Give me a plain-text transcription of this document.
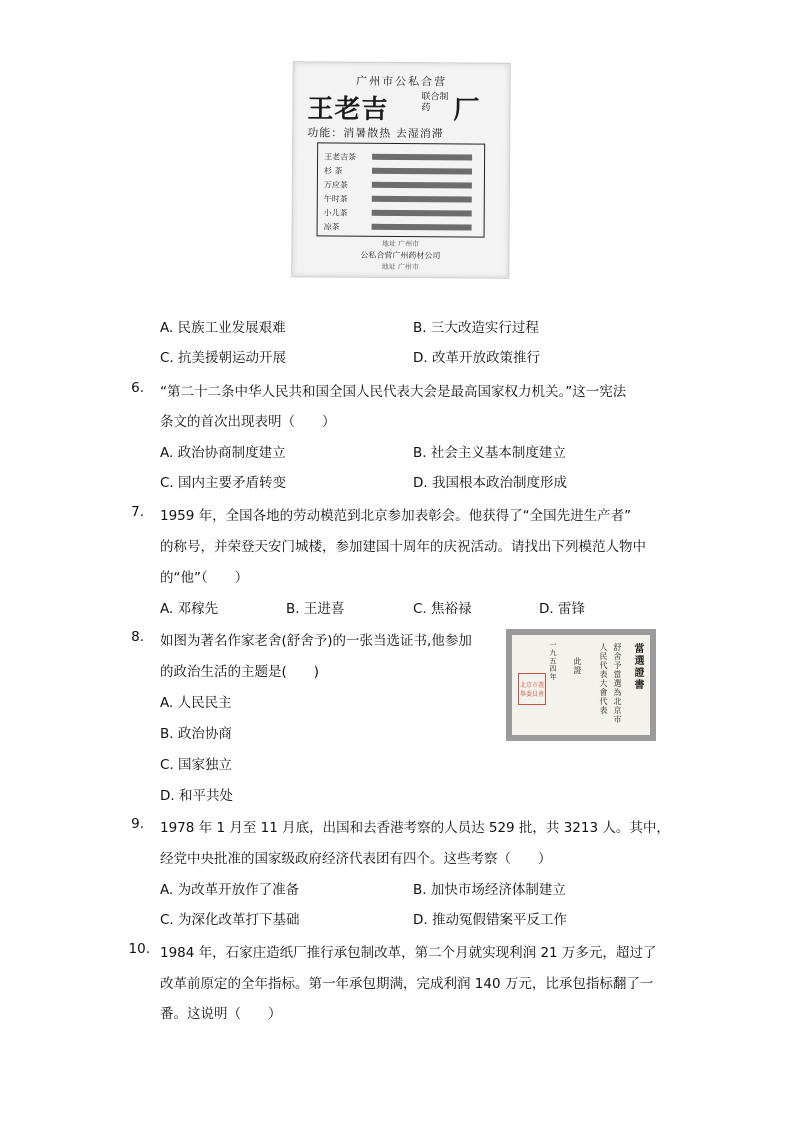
广州市公私合营
王老吉	联合制药 厂
功能：消暑散热 去湿消滞
王老吉茶
杉 茶
万应茶
午时茶
小儿茶
凉茶
地址 广州市
公私合营广州药材公司
地址 广州市
A. 民族工业发展艰难	B. 三大改造实行过程
C. 抗美援朝运动开展	D. 改革开放政策推行
6. “第二十二条中华人民共和国全国人民代表大会是最高国家权力机关。”这一宪法
条文的首次出现表明（　　）
A. 政治协商制度建立	B. 社会主义基本制度建立
C. 国内主要矛盾转变	D. 我国根本政治制度形成
7. 1959 年，全国各地的劳动模范到北京参加表彰会。他获得了“全国先进生产者”
的称号，并荣登天安门城楼，参加建国十周年的庆祝活动。请找出下列模范人物中
的“他”（　　）
A. 邓稼先	B. 王进喜	C. 焦裕禄	D. 雷锋
8. 如图为著名作家老舍(舒舍予)的一张当选证书,他参加
的政治生活的主题是(　　)
A. 人民民主
B. 政治协商
C. 国家独立
D. 和平共处
當選證書
舒舍予當選為北京市
人民代表大會代表
此證
一九五四年
北京市選舉委員會
9. 1978 年 1 月至 11 月底，出国和去香港考察的人员达 529 批，共 3213 人。其中，
经党中央批准的国家级政府经济代表团有四个。这些考察（　　）
A. 为改革开放作了准备	B. 加快市场经济体制建立
C. 为深化改革打下基础	D. 推动冤假错案平反工作
10. 1984 年，石家庄造纸厂推行承包制改革，第二个月就实现利润 21 万多元，超过了
改革前原定的全年指标。第一年承包期满，完成利润 140 万元，比承包指标翻了一
番。这说明（　　）
